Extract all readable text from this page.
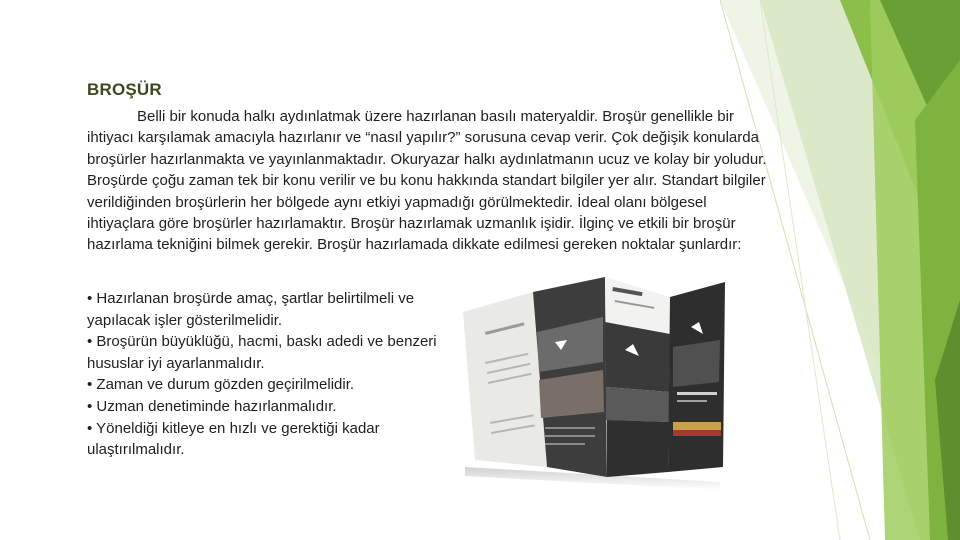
BROŞÜR
Belli bir konuda halkı aydınlatmak üzere hazırlanan basılı materyaldir. Broşür genellikle bir ihtiyacı karşılamak amacıyla hazırlanır ve “nasıl yapılır?” sorusuna cevap verir. Çok değişik konularda broşürler hazırlanmakta ve yayınlanmaktadır. Okuryazar halkı aydınlatmanın ucuz ve kolay bir yoludur. Broşürde çoğu zaman tek bir konu verilir ve bu konu hakkında standart bilgiler yer alır. Standart bilgiler verildiğinden broşürlerin her bölgede aynı etkiyi yapmadığı görülmektedir. İdeal olanı bölgesel ihtiyaçlara göre broşürler hazırlamaktır. Broşür hazırlamak uzmanlık işidir. İlginç ve etkili bir broşür hazırlama tekniğini bilmek gerekir. Broşür hazırlamada dikkate edilmesi gereken noktalar şunlardır:
• Hazırlanan broşürde amaç, şartlar belirtilmeli ve yapılacak işler gösterilmelidir.
• Broşürün büyüklüğü, hacmi, baskı adedi ve benzeri hususlar iyi ayarlanmalıdır.
• Zaman ve durum gözden geçirilmelidir.
• Uzman denetiminde hazırlanmalıdır.
• Yöneldiği kitleye en hızlı ve gerektiği kadar ulaştırılmalıdır.
